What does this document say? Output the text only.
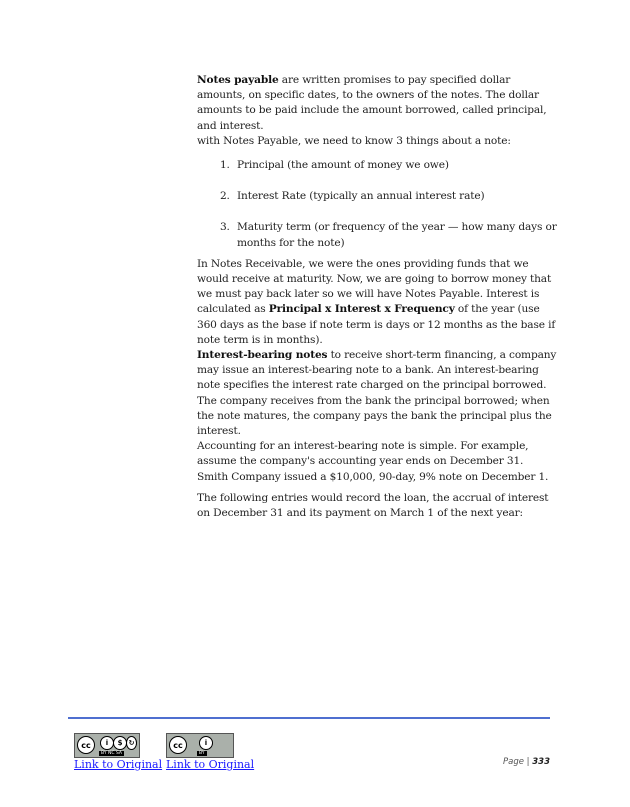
Notes payable are written promises to pay specified dollar amounts, on specific dates, to the owners of the notes. The dollar amounts to be paid include the amount borrowed, called principal, and interest.

with Notes Payable, we need to know 3 things about a note:

1. Principal (the amount of money we owe)
2. Interest Rate (typically an annual interest rate)
3. Maturity term (or frequency of the year — how many days or months for the note)

In Notes Receivable, we were the ones providing funds that we would receive at maturity. Now, we are going to borrow money that we must pay back later so we will have Notes Payable. Interest is calculated as Principal x Interest x Frequency of the year (use 360 days as the base if note term is days or 12 months as the base if note term is in months).

Interest-bearing notes to receive short-term financing, a company may issue an interest-bearing note to a bank. An interest-bearing note specifies the interest rate charged on the principal borrowed. The company receives from the bank the principal borrowed; when the note matures, the company pays the bank the principal plus the interest.

Accounting for an interest-bearing note is simple. For example, assume the company's accounting year ends on December 31. Smith Company issued a $10,000, 90-day, 9% note on December 1.

The following entries would record the loan, the accrual of interest on December 31 and its payment on March 1 of the next year:

cc	i	$ ↻
BY NC SA
cc	i
BY
Link to Original Link to Original	Page | 333
